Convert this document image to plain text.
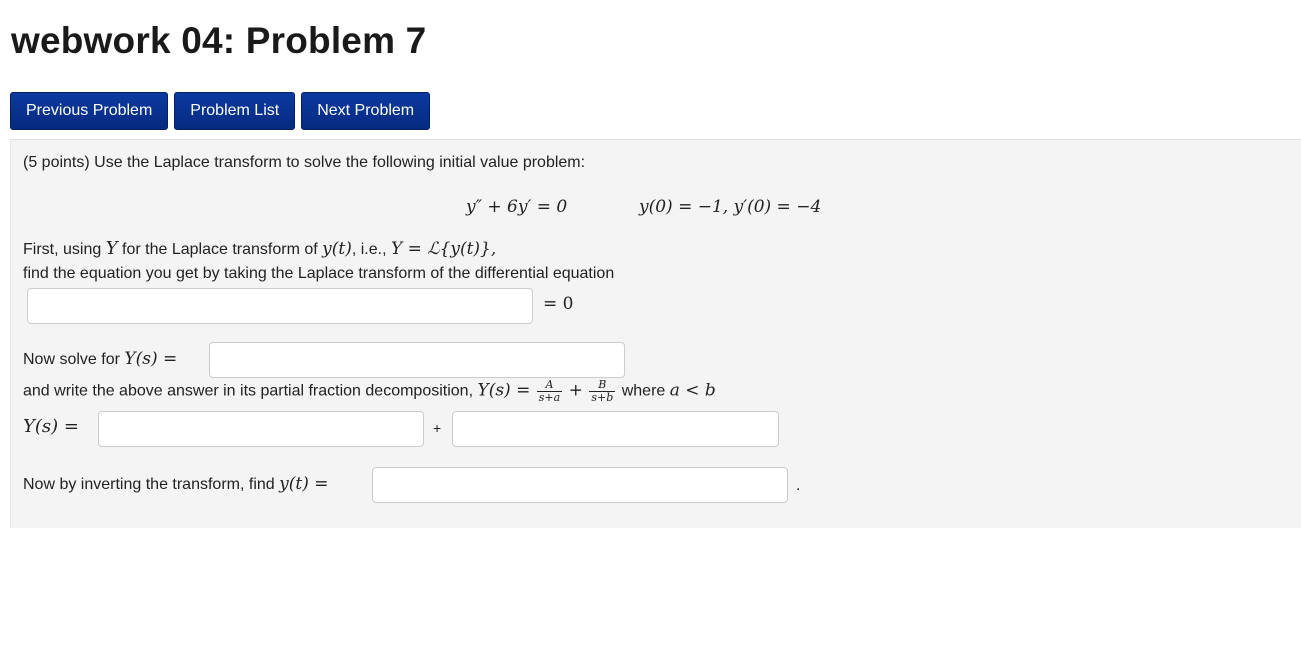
webwork 04: Problem 7
Previous Problem	Problem List	Next Problem
(5 points) Use the Laplace transform to solve the following initial value problem:
y″ + 6y′ = 0	y(0) = −1, y′(0) = −4
First, using Y for the Laplace transform of y(t), i.e., Y = ℒ{y(t)},
find the equation you get by taking the Laplace transform of the differential equation
= 0
Now solve for Y(s) =
and write the above answer in its partial fraction decomposition, $Y(s) = \frac{A}{s+a} + \frac{B}{s+b}$ where a < b
Y(s) =	+
Now by inverting the transform, find y(t) =	.
